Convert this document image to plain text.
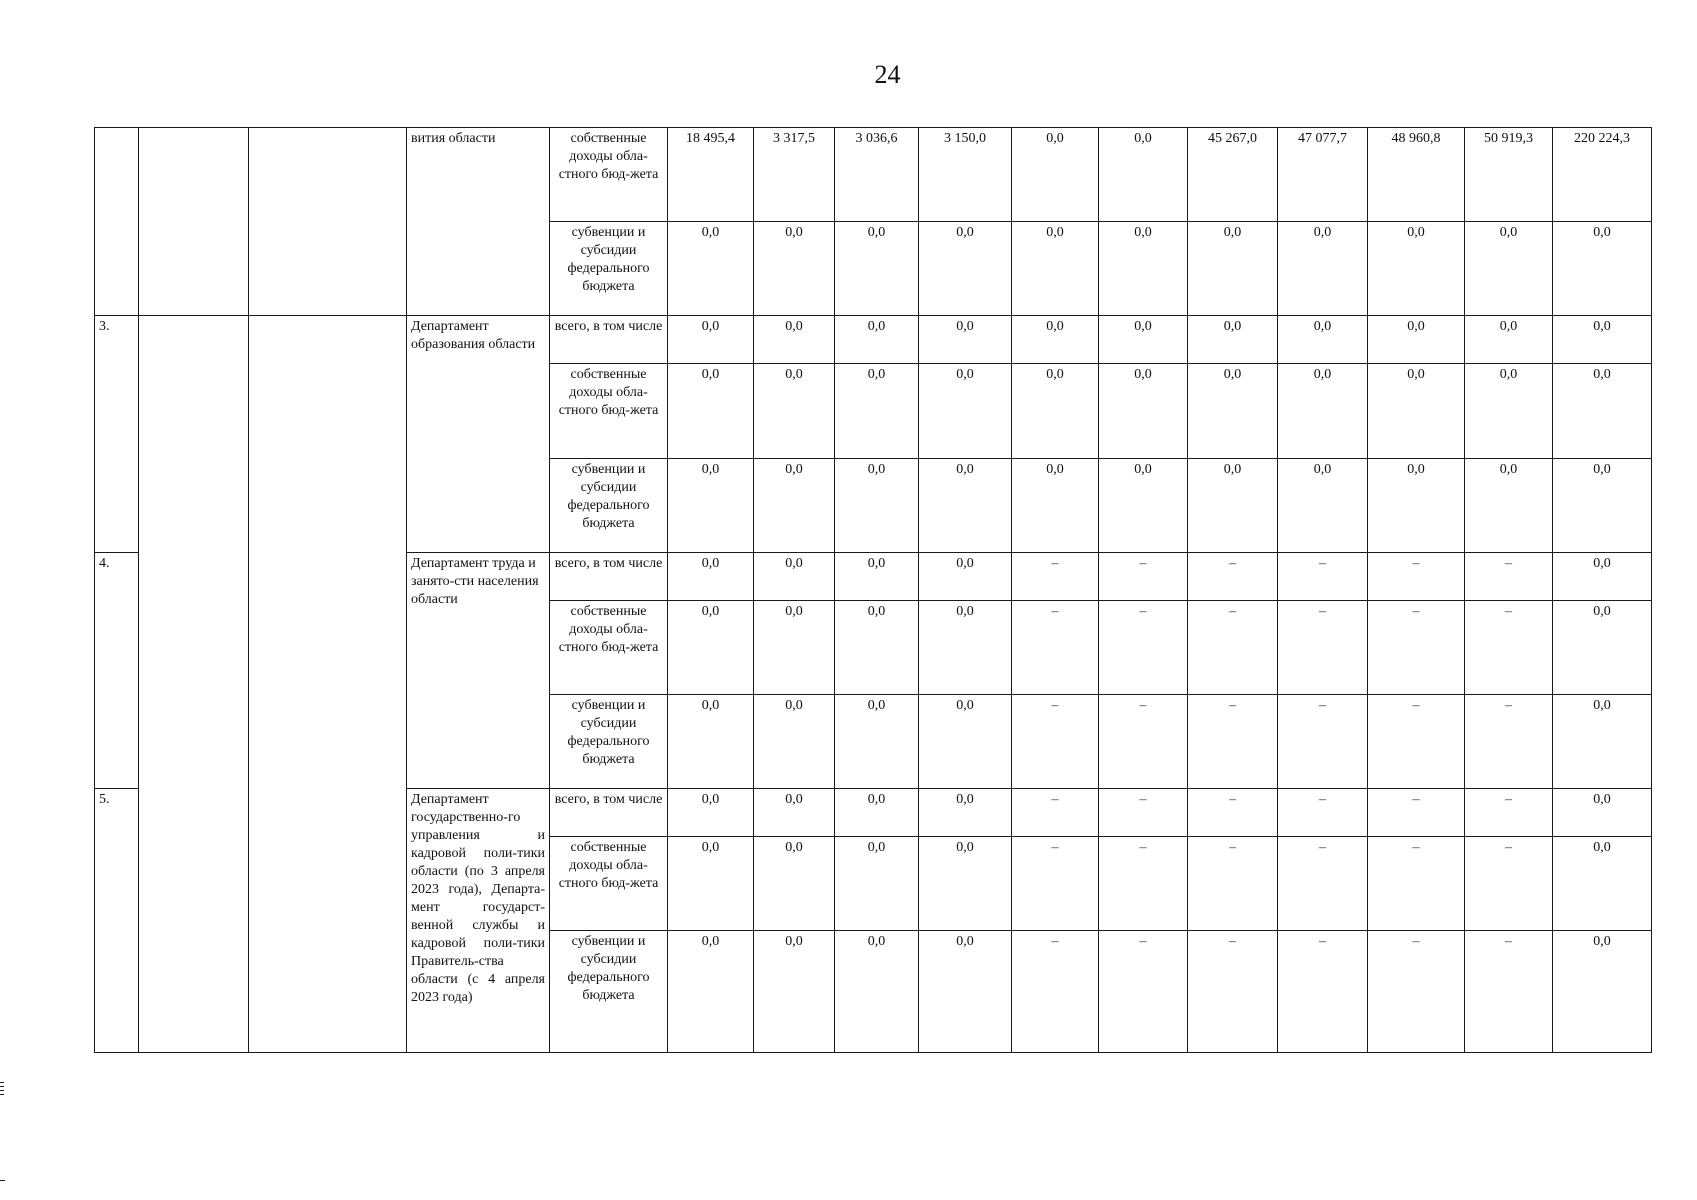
24
			вития области	собственные доходы обла-стного бюд-жета	18 495,4	3 317,5	3 036,6	3 150,0	0,0	0,0	45 267,0	47 077,7	48 960,8	50 919,3	220 224,3
				субвенции и субсидии федерального бюджета	0,0	0,0	0,0	0,0	0,0	0,0	0,0	0,0	0,0	0,0	0,0
3.			Департамент образования области	всего, в том числе	0,0	0,0	0,0	0,0	0,0	0,0	0,0	0,0	0,0	0,0	0,0
				собственные доходы обла-стного бюд-жета	0,0	0,0	0,0	0,0	0,0	0,0	0,0	0,0	0,0	0,0	0,0
				субвенции и субсидии федерального бюджета	0,0	0,0	0,0	0,0	0,0	0,0	0,0	0,0	0,0	0,0	0,0
4.			Департамент труда и занято-сти населения области	всего, в том числе	0,0	0,0	0,0	0,0	–	–	–	–	–	–	0,0
				собственные доходы обла-стного бюд-жета	0,0	0,0	0,0	0,0	–	–	–	–	–	–	0,0
				субвенции и субсидии федерального бюджета	0,0	0,0	0,0	0,0	–	–	–	–	–	–	0,0
5.			Департамент государственно-го управления и кадровой поли-тики области (по 3 апреля 2023 года), Департа-мент государст-венной службы и кадровой поли-тики Правитель-ства области (с 4 апреля 2023 года)	всего, в том числе	0,0	0,0	0,0	0,0	–	–	–	–	–	–	0,0
				собственные доходы обла-стного бюд-жета	0,0	0,0	0,0	0,0	–	–	–	–	–	–	0,0
				субвенции и субсидии федерального бюджета	0,0	0,0	0,0	0,0	–	–	–	–	–	–	0,0
